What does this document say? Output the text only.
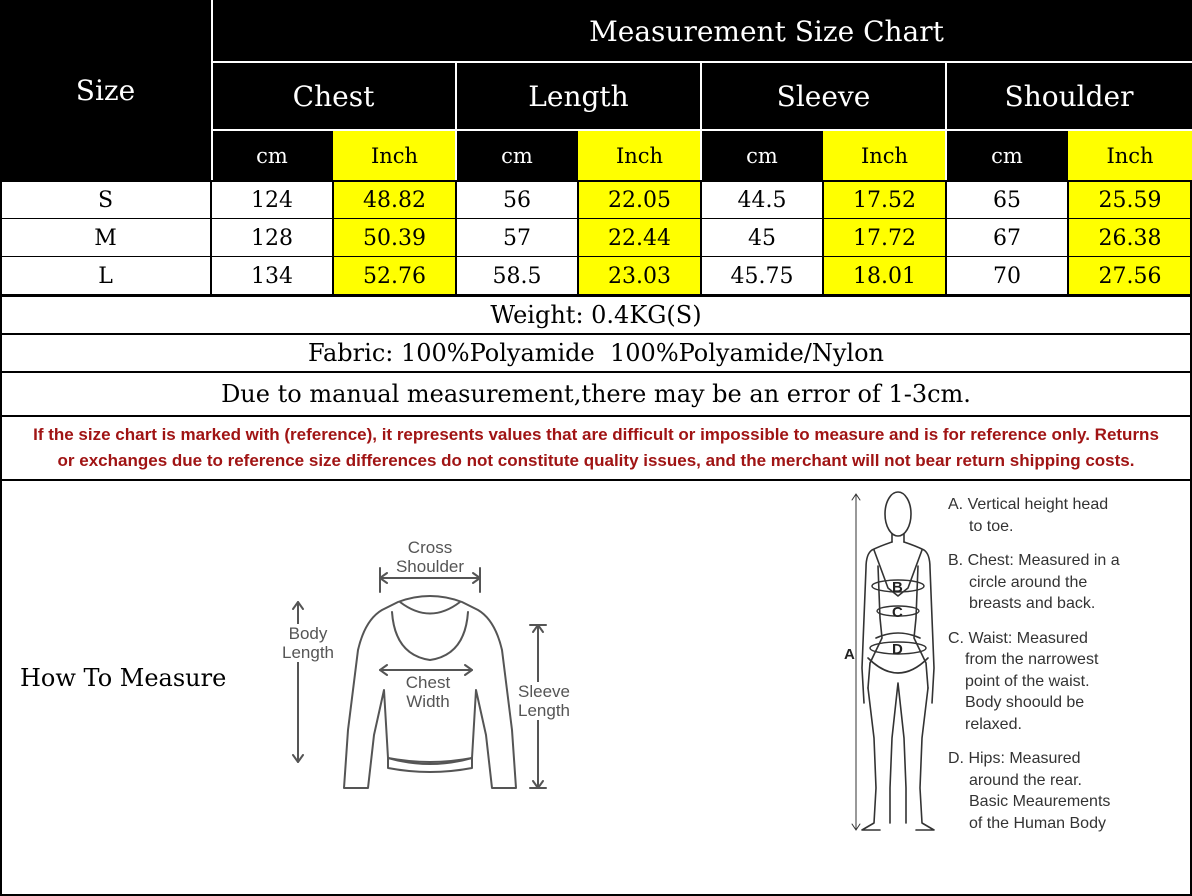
Size
Measurement Size Chart
Chest	Length	Sleeve	Shoulder
cm	Inch	cm	Inch	cm	Inch	cm	Inch
S	124	48.82	56	22.05	44.5	17.52	65	25.59
M	128	50.39	57	22.44	45	17.72	67	26.38
L	134	52.76	58.5	23.03	45.75	18.01	70	27.56
Weight: 0.4KG(S)
Fabric: 100%Polyamide  100%Polyamide/Nylon
Due to manual measurement,there may be an error of 1-3cm.
If the size chart is marked with (reference), it represents values that are difficult or impossible to measure and is for reference only. Returns
or exchanges due to reference size differences do not constitute quality issues, and the merchant will not bear return shipping costs.
How To Measure
Cross
Shoulder
Body
Length
Chest
Width
Sleeve
Length
A
B
C
D
A. Vertical height head
to toe.
B. Chest: Measured in a
circle around the
breasts and back.
C. Waist: Measured
from the narrowest
point of the waist.
Body shoould be
relaxed.
D. Hips: Measured
around the rear.
Basic Meaurements
of the Human Body
